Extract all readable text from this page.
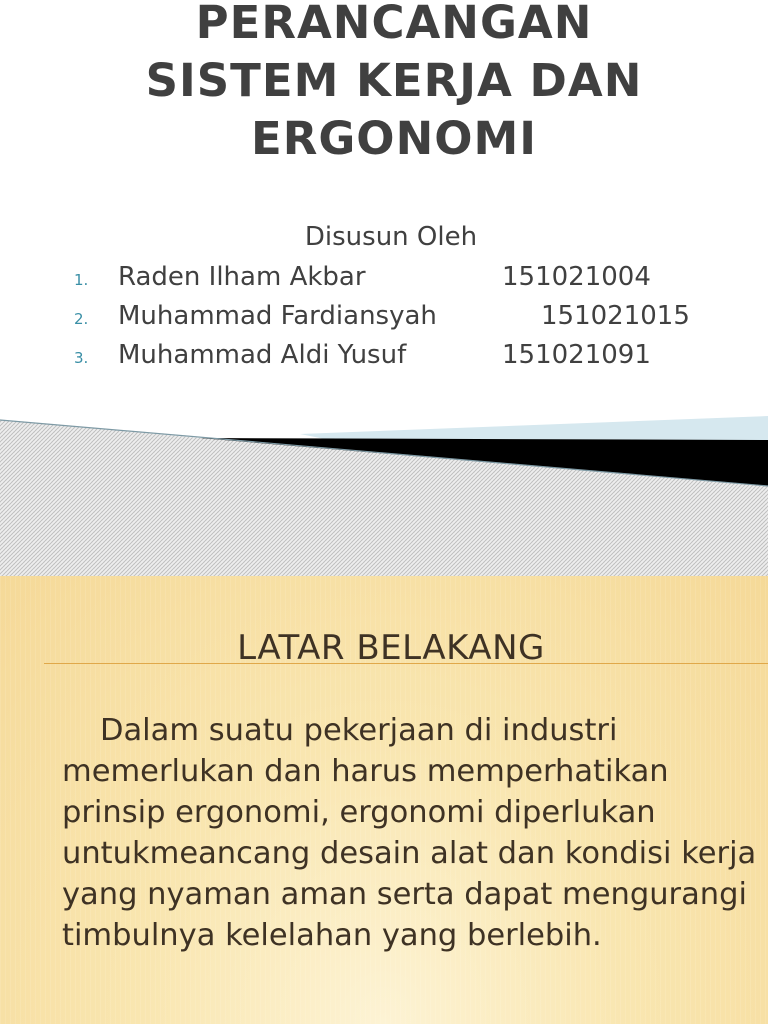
PERANCANGAN
SISTEM KERJA DAN
ERGONOMI
Disusun Oleh
1. Raden Ilham Akbar	151021004
2. Muhammad Fardiansyah	151021015
3. Muhammad Aldi Yusuf	151021091
LATAR BELAKANG

Dalam suatu pekerjaan di industri memerlukan dan harus memperhatikan prinsip ergonomi, ergonomi diperlukan untukmeancang desain alat dan kondisi kerja yang nyaman aman serta dapat mengurangi timbulnya kelelahan yang berlebih.
